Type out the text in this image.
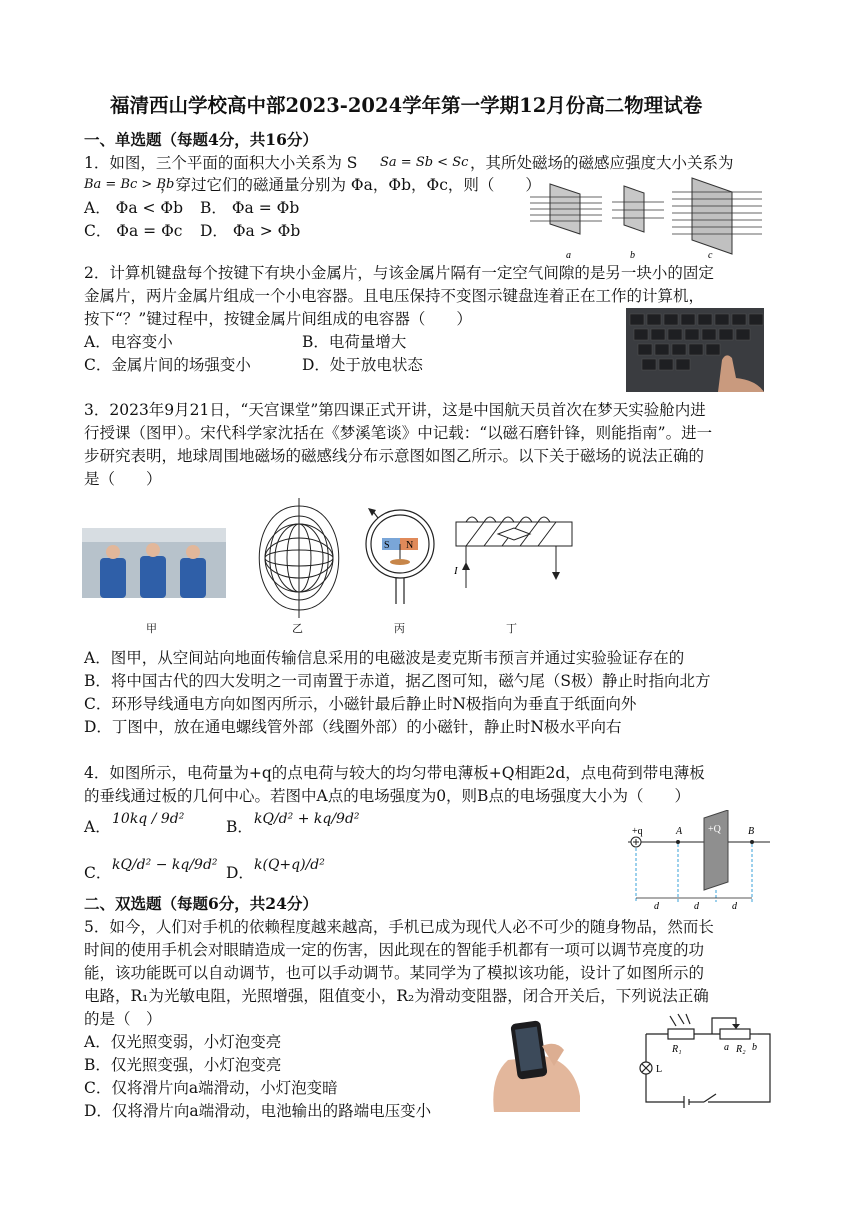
福清西山学校高中部2023-2024学年第一学期12月份高二物理试卷
一、单选题（每题4分，共16分）
1．如图，三个平面的面积大小关系为 S Sa = Sb < Sc ，其所处磁场的磁感应强度大小关系为
Ba = Bc > Bb
，穿过它们的磁通量分别为 Φa，Φb，Φc，则（　　）
A． Φa < Φb B． Φa = Φb
C． Φa = Φc D． Φa > Φb
a	b	c
2．计算机键盘每个按键下有块小金属片，与该金属片隔有一定空气间隙的是另一块小的固定
金属片，两片金属片组成一个小电容器。且电压保持不变图示键盘连着正在工作的计算机，
按下“？”键过程中，按键金属片间组成的电容器（　　）
A．电容变小	B．电荷量增大
C．金属片间的场强变小	D．处于放电状态
3．2023年9月21日，“天宫课堂”第四课正式开讲，这是中国航天员首次在梦天实验舱内进
行授课（图甲）。宋代科学家沈括在《梦溪笔谈》中记载：“以磁石磨针锋，则能指南”。进一
步研究表明，地球周围地磁场的磁感线分布示意图如图乙所示。以下关于磁场的说法正确的
是（　　）
甲	乙
S N
丙
I
丁
A．图甲，从空间站向地面传输信息采用的电磁波是麦克斯韦预言并通过实验验证存在的
B．将中国古代的四大发明之一司南置于赤道，据乙图可知，磁勺尾（S极）静止时指向北方
C．环形导线通电方向如图丙所示，小磁针最后静止时N极指向为垂直于纸面向外
D．丁图中，放在通电螺线管外部（线圈外部）的小磁针，静止时N极水平向右
4．如图所示，电荷量为+q的点电荷与较大的均匀带电薄板+Q相距2d，点电荷到带电薄板
的垂线通过板的几何中心。若图中A点的电场强度为0，则B点的电场强度大小为（　　）
A． 10kq / 9d²	B． kQ/d² + kq/9d²
C． kQ/d² − kq/9d² D． k(Q+q)/d²
+q	A	+Q	B
d	d	d
二、双选题（每题6分，共24分）
5．如今，人们对手机的依赖程度越来越高，手机已成为现代人必不可少的随身物品，然而长
时间的使用手机会对眼睛造成一定的伤害，因此现在的智能手机都有一项可以调节亮度的功
能，该功能既可以自动调节，也可以手动调节。某同学为了模拟该功能，设计了如图所示的
电路，R₁为光敏电阻，光照增强，阻值变小，R₂为滑动变阻器，闭合开关后，下列说法正确
的是（　）
A．仅光照变弱，小灯泡变亮
B．仅光照变强，小灯泡变亮
C．仅将滑片向a端滑动，小灯泡变暗
D．仅将滑片向a端滑动，电池输出的路端电压变小
R₁	a R₂ b
L
